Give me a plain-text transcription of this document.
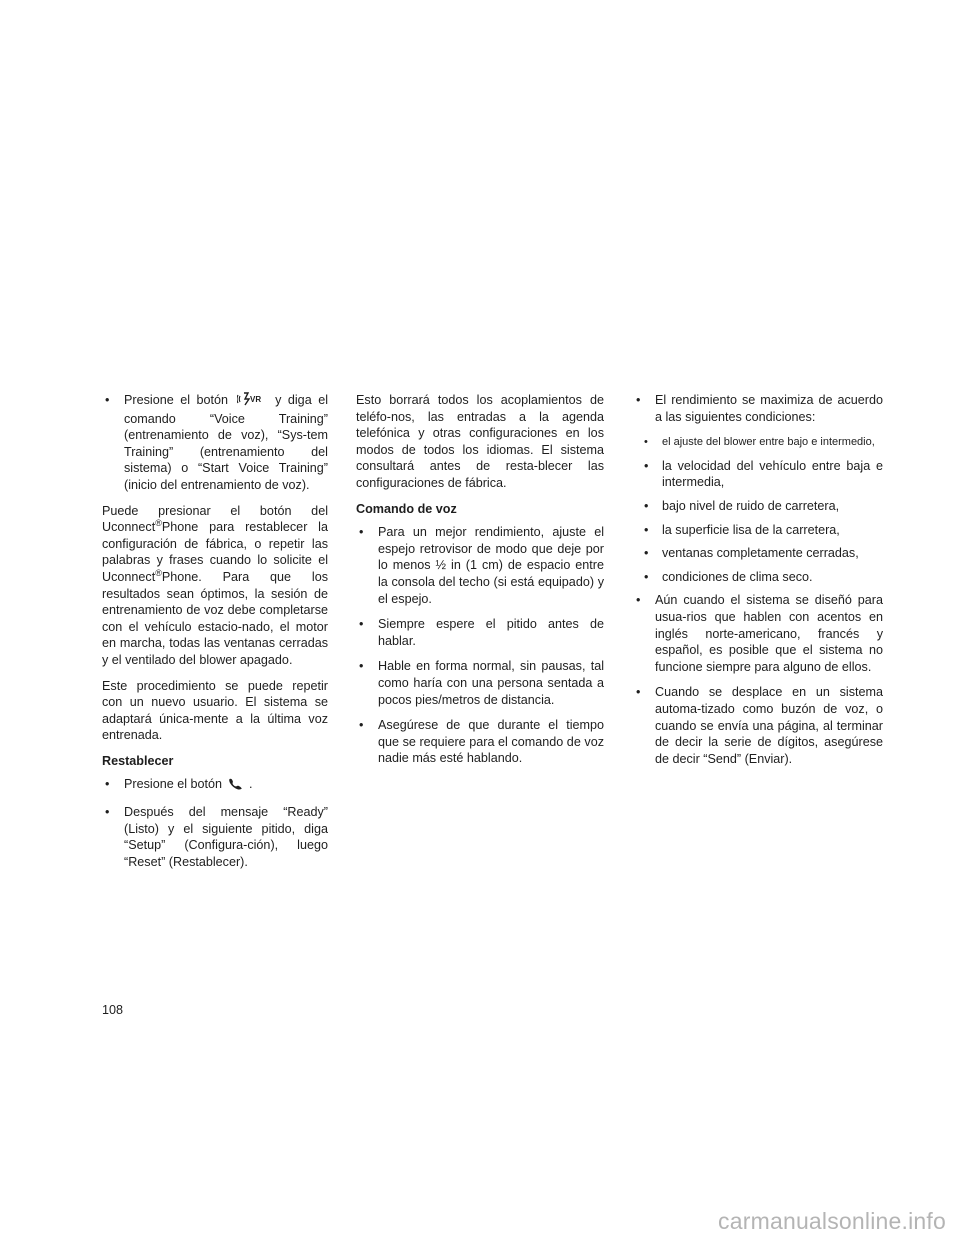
• Presione el botón	VR y diga el comando “Voice Training” (entrenamiento de voz), “Sys-tem Training” (entrenamiento del sistema) o “Start Voice Training” (inicio del entrenamiento de voz).

Puede presionar el botón del Uconnect®Phone para restablecer la configuración de fábrica, o repetir las palabras y frases cuando lo solicite el Uconnect®Phone. Para que los resultados sean óptimos, la sesión de entrenamiento de voz debe completarse con el vehículo estacio-nado, el motor en marcha, todas las ventanas cerradas y el ventilado del blower apagado.

Este procedimiento se puede repetir con un nuevo usuario. El sistema se adaptará única-mente a la última voz entrenada.

Restablecer

• Presione el botón .
• Después del mensaje “Ready” (Listo) y el siguiente pitido, diga “Setup” (Configura-ción), luego “Reset” (Restablecer).

Esto borrará todos los acoplamientos de teléfo-nos, las entradas a la agenda telefónica y otras configuraciones en los modos de todos los idiomas. El sistema consultará antes de resta-blecer las configuraciones de fábrica.

Comando de voz

• Para un mejor rendimiento, ajuste el espejo retrovisor de modo que deje por lo menos ½ in (1 cm) de espacio entre la consola del techo (si está equipado) y el espejo.
• Siempre espere el pitido antes de hablar.
• Hable en forma normal, sin pausas, tal como haría con una persona sentada a pocos pies/metros de distancia.
• Asegúrese de que durante el tiempo que se requiere para el comando de voz nadie más esté hablando.
• El rendimiento se maximiza de acuerdo a las siguientes condiciones:
• el ajuste del blower entre bajo e intermedio,
• la velocidad del vehículo entre baja e intermedia,
• bajo nivel de ruido de carretera,
• la superficie lisa de la carretera,
• ventanas completamente cerradas,
• condiciones de clima seco.
• Aún cuando el sistema se diseñó para usua-rios que hablen con acentos en inglés norte-americano, francés y español, es posible que el sistema no funcione siempre para alguno de ellos.
• Cuando se desplace en un sistema automa-tizado como buzón de voz, o cuando se envía una página, al terminar de decir la serie de dígitos, asegúrese de decir “Send” (Enviar).
108
carmanualsonline.info
